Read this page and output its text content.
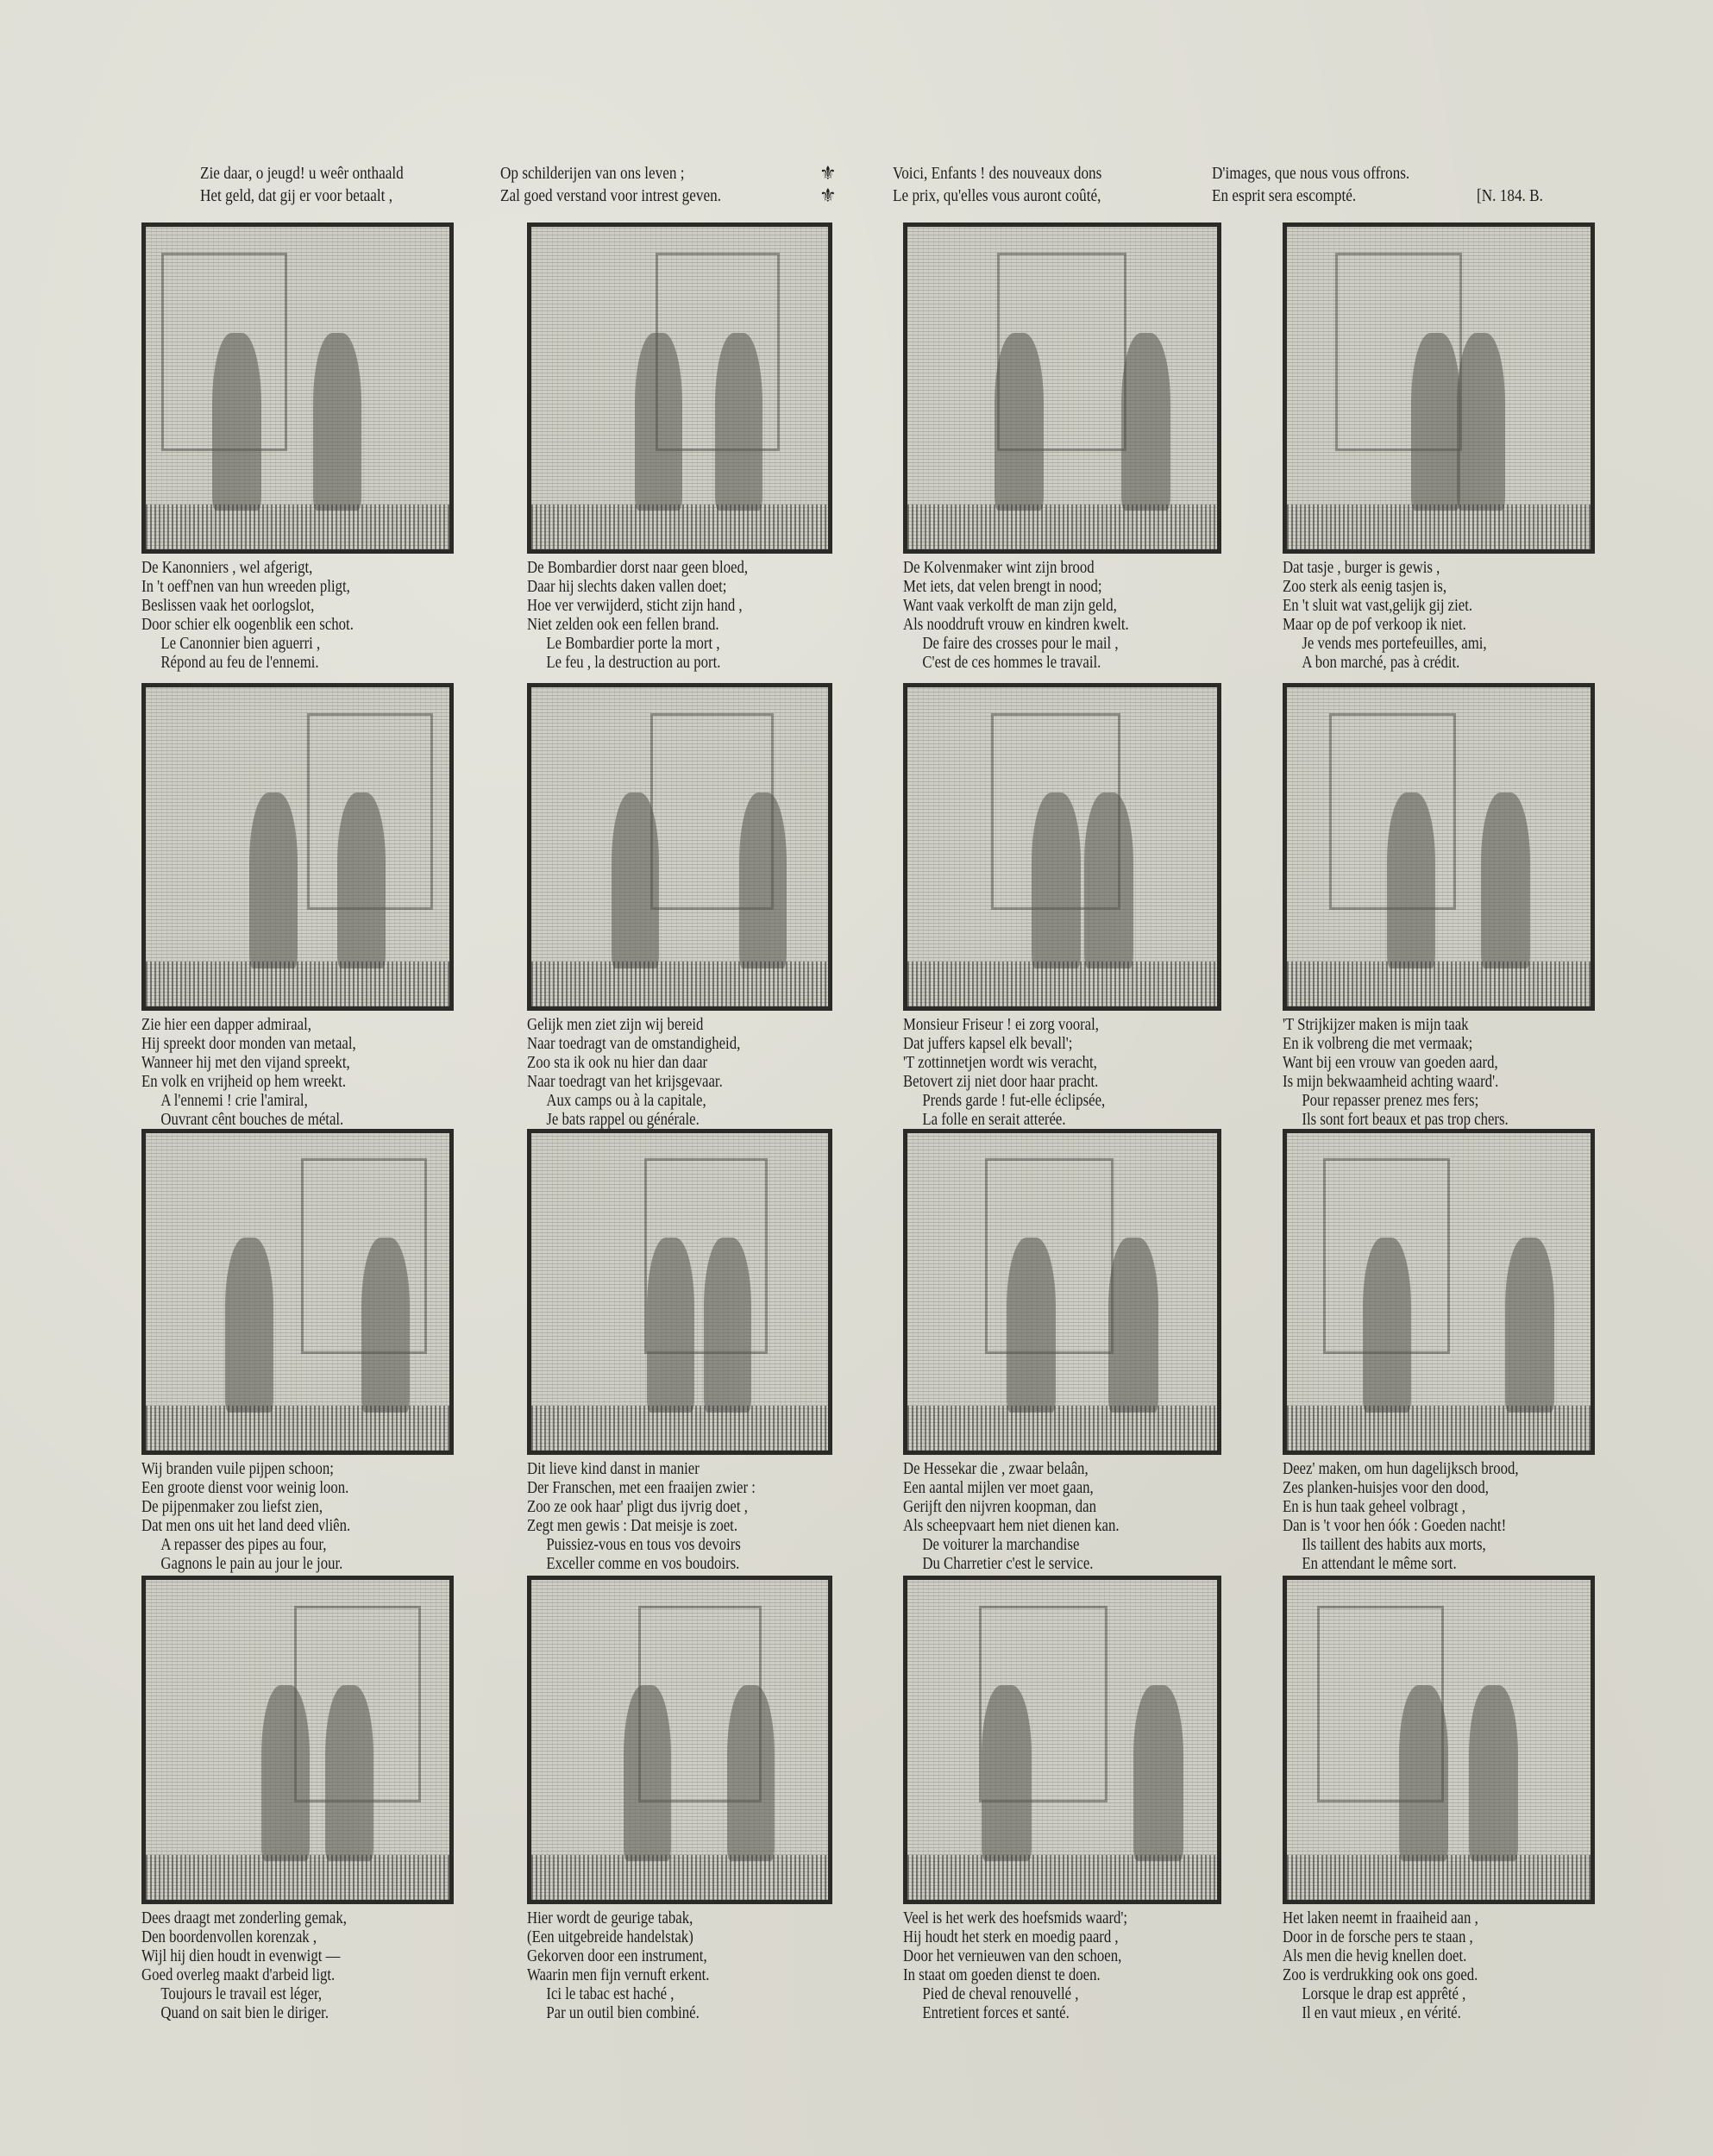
Zie daar, o jeugd! u weêr onthaald
Het geld, dat gij er voor betaalt ,
Op schilderijen van ons leven ;
Zal goed verstand voor intrest geven.
⚜
⚜
Voici, Enfants ! des nouveaux dons
Le prix, qu'elles vous auront coûté,
D'images, que nous vous offrons.
En esprit sera escompté.	[N. 184. B.
De Kanonniers , wel afgerigt,
In 't oeff'nen van hun wreeden pligt,
Beslissen vaak het oorlogslot,
Door schier elk oogenblik een schot.
Le Canonnier bien aguerri ,
Répond au feu de l'ennemi.
De Bombardier dorst naar geen bloed,
Daar hij slechts daken vallen doet;
Hoe ver verwijderd, sticht zijn hand ,
Niet zelden ook een fellen brand.
Le Bombardier porte la mort ,
Le feu , la destruction au port.
De Kolvenmaker wint zijn brood
Met iets, dat velen brengt in nood;
Want vaak verkolft de man zijn geld,
Als nooddruft vrouw en kindren kwelt.
De faire des crosses pour le mail ,
C'est de ces hommes le travail.
Dat tasje , burger is gewis ,
Zoo sterk als eenig tasjen is,
En 't sluit wat vast,gelijk gij ziet.
Maar op de pof verkoop ik niet.
Je vends mes portefeuilles, ami,
A bon marché, pas à crédit.
Zie hier een dapper admiraal,
Hij spreekt door monden van metaal,
Wanneer hij met den vijand spreekt,
En volk en vrijheid op hem wreekt.
A l'ennemi ! crie l'amiral,
Ouvrant cênt bouches de métal.
Gelijk men ziet zijn wij bereid
Naar toedragt van de omstandigheid,
Zoo sta ik ook nu hier dan daar
Naar toedragt van het krijsgevaar.
Aux camps ou à la capitale,
Je bats rappel ou générale.
Monsieur Friseur ! ei zorg vooral,
Dat juffers kapsel elk bevall';
'T zottinnetjen wordt wis veracht,
Betovert zij niet door haar pracht.
Prends garde ! fut-elle éclipsée,
La folle en serait atterée.
'T Strijkijzer maken is mijn taak
En ik volbreng die met vermaak;
Want bij een vrouw van goeden aard,
Is mijn bekwaamheid achting waard'.
Pour repasser prenez mes fers;
Ils sont fort beaux et pas trop chers.
Wij branden vuile pijpen schoon;
Een groote dienst voor weinig loon.
De pijpenmaker zou liefst zien,
Dat men ons uit het land deed vliên.
A repasser des pipes au four,
Gagnons le pain au jour le jour.
Dit lieve kind danst in manier
Der Franschen, met een fraaijen zwier :
Zoo ze ook haar' pligt dus ijvrig doet ,
Zegt men gewis : Dat meisje is zoet.
Puissiez-vous en tous vos devoirs
Exceller comme en vos boudoirs.
De Hessekar die , zwaar belaân,
Een aantal mijlen ver moet gaan,
Gerijft den nijvren koopman, dan
Als scheepvaart hem niet dienen kan.
De voiturer la marchandise
Du Charretier c'est le service.
Deez' maken, om hun dagelijksch brood,
Zes planken-huisjes voor den dood,
En is hun taak geheel volbragt ,
Dan is 't voor hen óók : Goeden nacht!
Ils taillent des habits aux morts,
En attendant le même sort.
Dees draagt met zonderling gemak,
Den boordenvollen korenzak ,
Wijl hij dien houdt in evenwigt —
Goed overleg maakt d'arbeid ligt.
Toujours le travail est léger,
Quand on sait bien le diriger.
Hier wordt de geurige tabak,
(Een uitgebreide handelstak)
Gekorven door een instrument,
Waarin men fijn vernuft erkent.
Ici le tabac est haché ,
Par un outil bien combiné.
Veel is het werk des hoefsmids waard';
Hij houdt het sterk en moedig paard ,
Door het vernieuwen van den schoen,
In staat om goeden dienst te doen.
Pied de cheval renouvellé ,
Entretient forces et santé.
Het laken neemt in fraaiheid aan ,
Door in de forsche pers te staan ,
Als men die hevig knellen doet.
Zoo is verdrukking ook ons goed.
Lorsque le drap est apprêté ,
Il en vaut mieux , en vérité.
